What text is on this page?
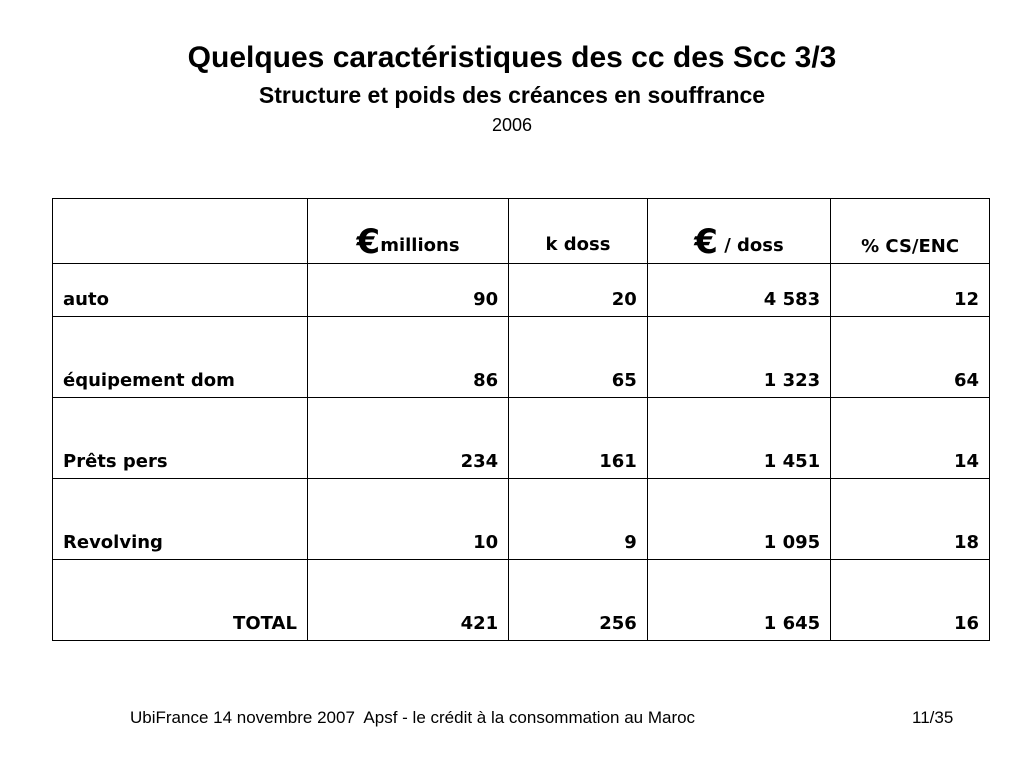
Quelques caractéristiques des cc des Scc 3/3
Structure et poids des créances en souffrance
2006
	€millions	k doss	€ / doss	% CS/ENC
auto	90	20	4 583	12
équipement dom	86	65	1 323	64
Prêts pers	234	161	1 451	14
Revolving	10	9	1 095	18
TOTAL	421	256	1 645	16
UbiFrance 14 novembre 2007  Apsf - le crédit à la consommation au Maroc	11/35
